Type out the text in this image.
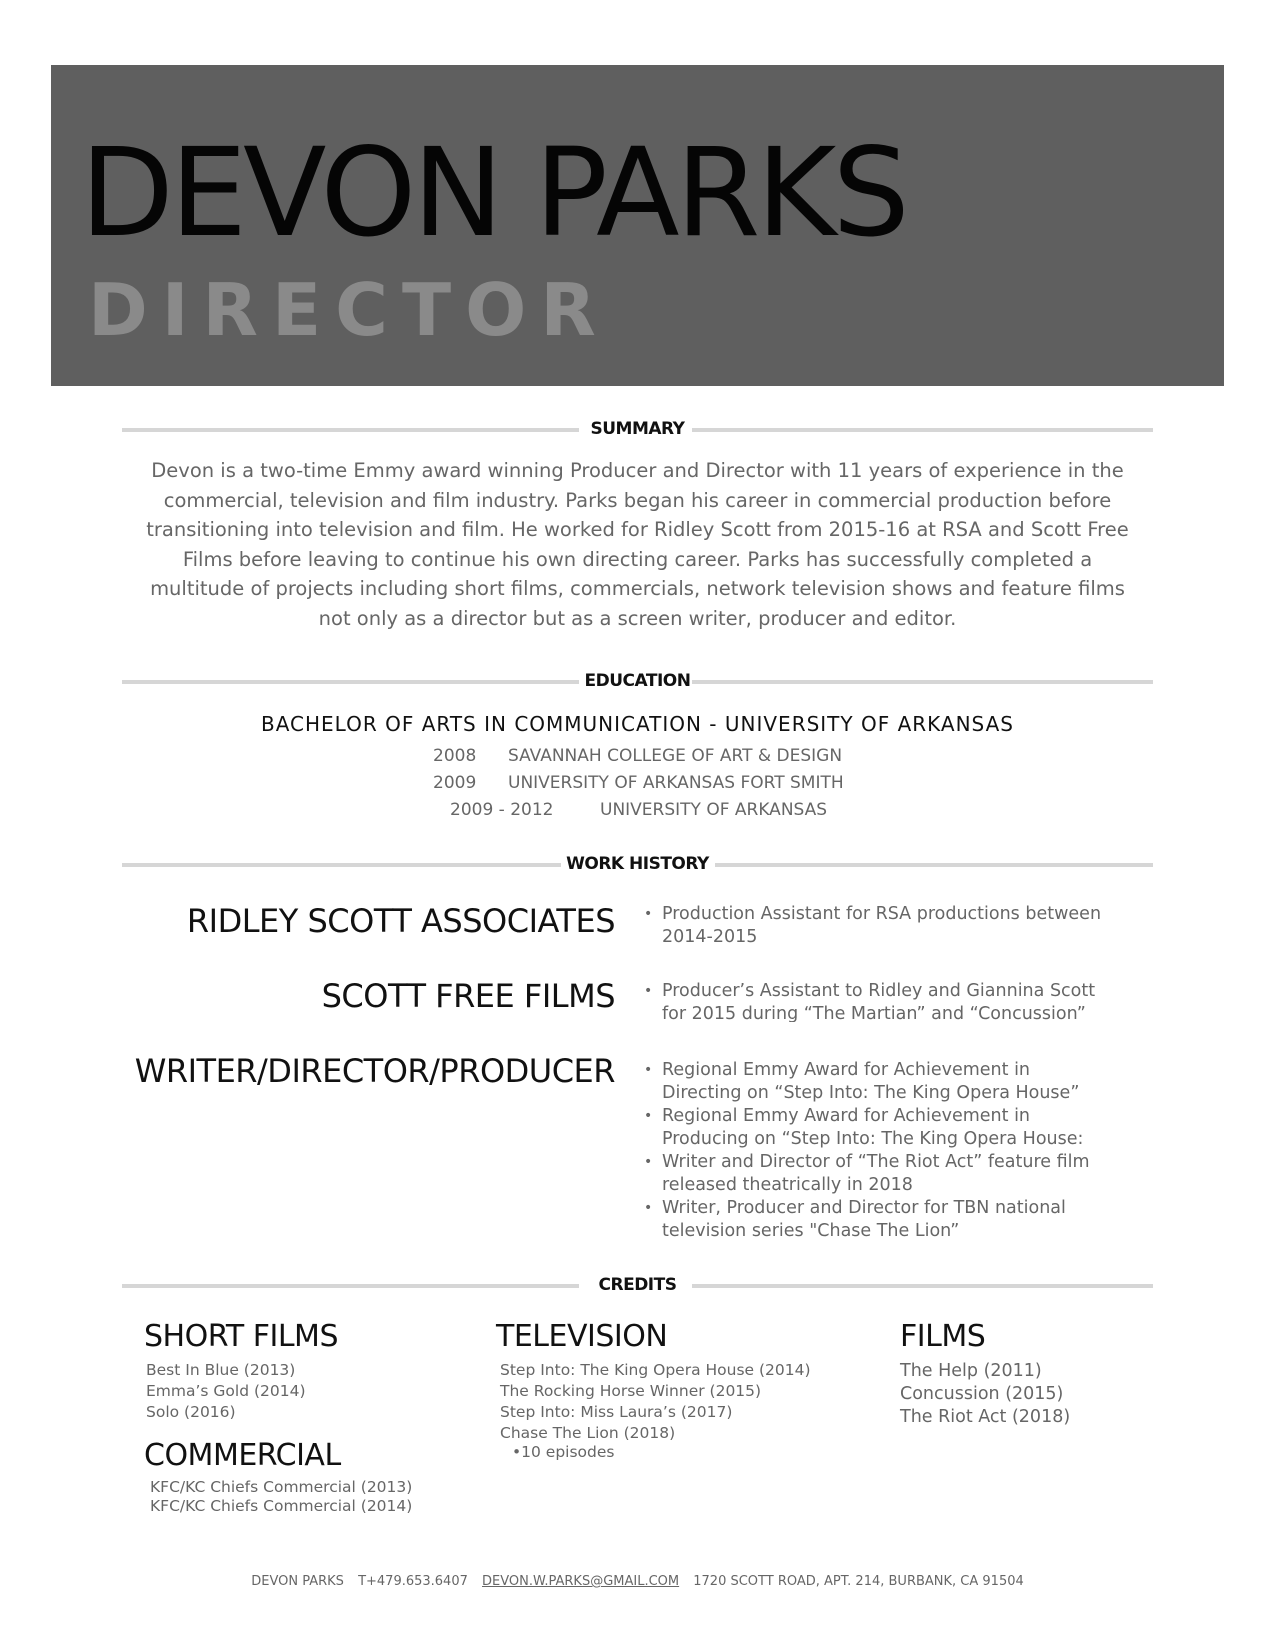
DEVON PARKS
DIRECTOR
SUMMARY

Devon is a two-time Emmy award winning Producer and Director with 11 years of experience in the commercial, television and film industry. Parks began his career in commercial production before transitioning into television and film. He worked for Ridley Scott from 2015-16 at RSA and Scott Free Films before leaving to continue his own directing career. Parks has successfully completed a multitude of projects including short films, commercials, network television shows and feature films not only as a director but as a screen writer, producer and editor.

EDUCATION
BACHELOR OF ARTS IN COMMUNICATION - UNIVERSITY OF ARKANSAS
2008 SAVANNAH COLLEGE OF ART & DESIGN
2009 UNIVERSITY OF ARKANSAS FORT SMITH
2009 - 2012	UNIVERSITY OF ARKANSAS
WORK HISTORY
RIDLEY SCOTT ASSOCIATES	• Production Assistant for RSA productions between 2014-2015
SCOTT FREE FILMS	• Producer’s Assistant to Ridley and Giannina Scott for 2015 during “The Martian” and “Concussion”
WRITER/DIRECTOR/PRODUCER	• Regional Emmy Award for Achievement in Directing on “Step Into: The King Opera House”
• Regional Emmy Award for Achievement in Producing on “Step Into: The King Opera House:
• Writer and Director of “The Riot Act” feature film released theatrically in 2018
• Writer, Producer and Director for TBN national television series "Chase The Lion”
CREDITS
SHORT FILMS
Best In Blue (2013)
Emma’s Gold (2014)
Solo (2016)
COMMERCIAL
KFC/KC Chiefs Commercial (2013)
KFC/KC Chiefs Commercial (2014)
TELEVISION
Step Into: The King Opera House (2014)
The Rocking Horse Winner (2015)
Step Into: Miss Laura’s (2017)
Chase The Lion (2018)
•10 episodes
FILMS
The Help (2011)
Concussion (2015)
The Riot Act (2018)
DEVON PARKS T+479.653.6407 DEVON.W.PARKS@GMAIL.COM 1720 SCOTT ROAD, APT. 214, BURBANK, CA 91504
